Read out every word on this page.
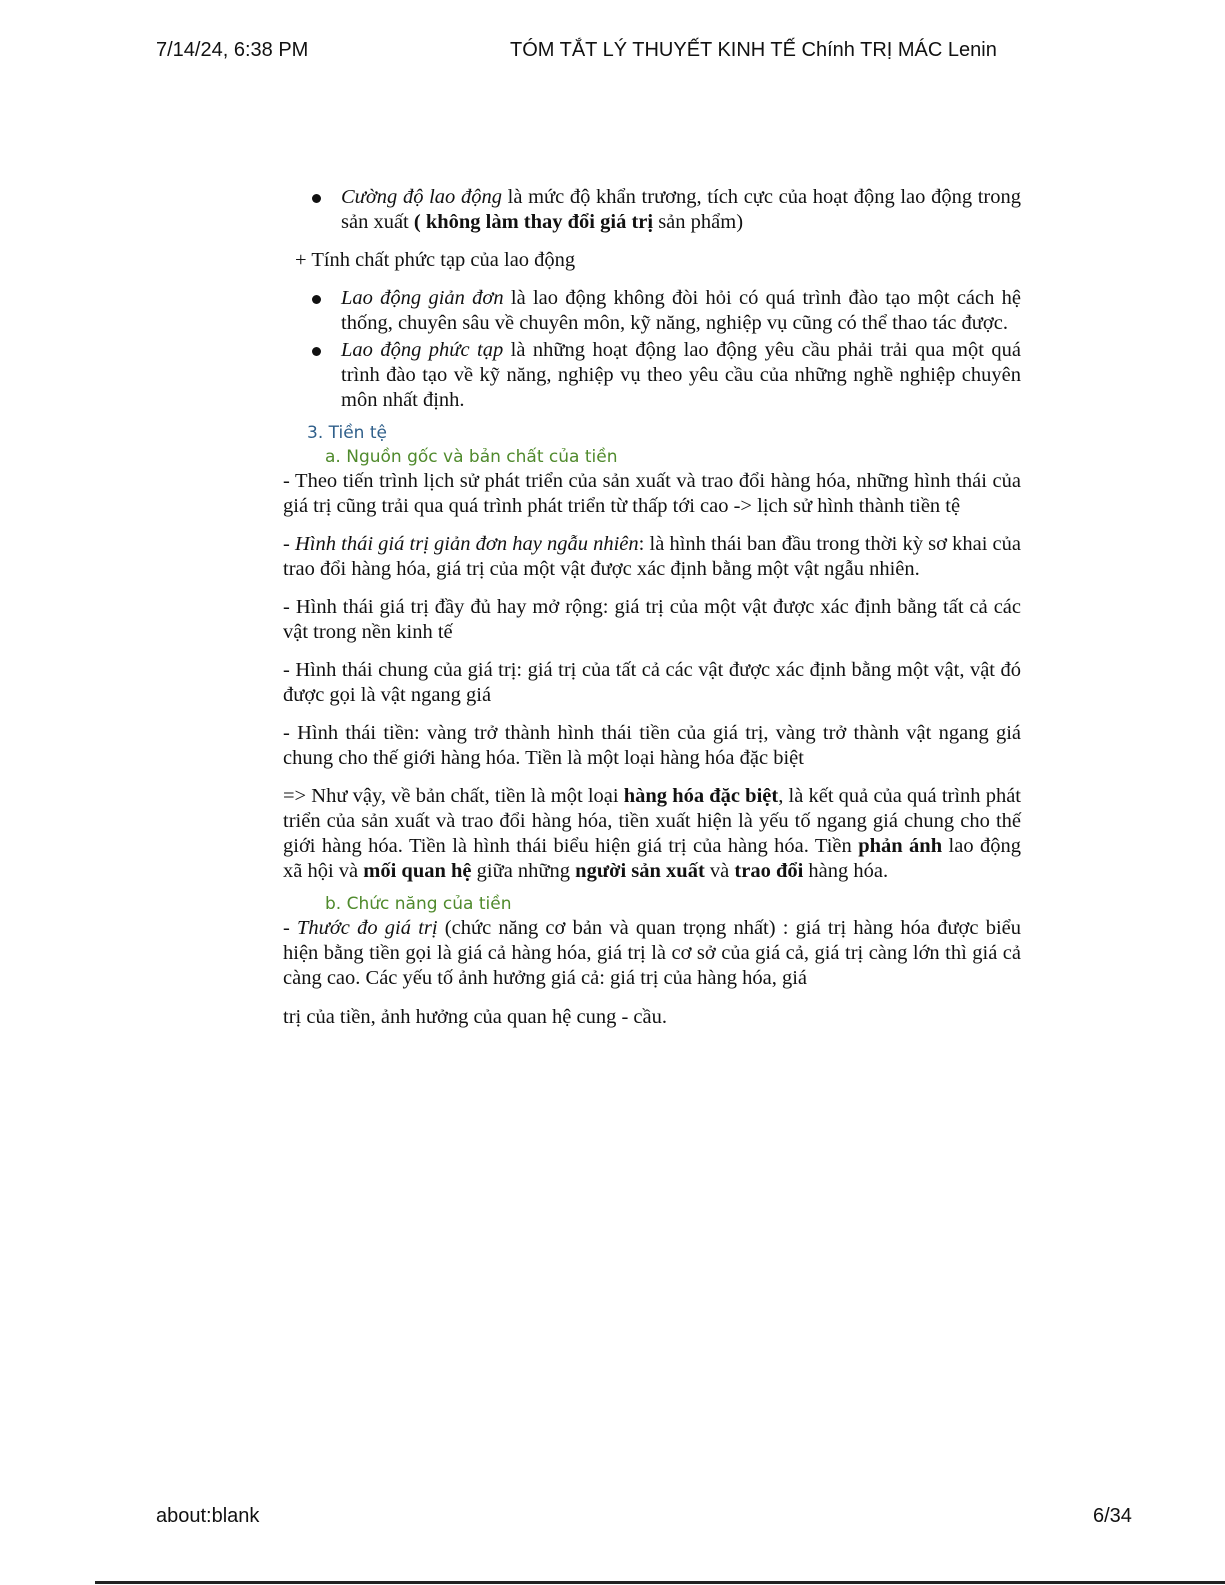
7/14/24, 6:38 PM	TÓM TẮT LÝ THUYẾT KINH TẾ Chính TRỊ MÁC Lenin

Cường độ lao động là mức độ khẩn trương, tích cực của hoạt động lao động trong sản xuất ( không làm thay đổi giá trị sản phẩm)

+ Tính chất phức tạp của lao động

Lao động giản đơn là lao động không đòi hỏi có quá trình đào tạo một cách hệ thống, chuyên sâu về chuyên môn, kỹ năng, nghiệp vụ cũng có thể thao tác được.

Lao động phức tạp là những hoạt động lao động yêu cầu phải trải qua một quá trình đào tạo về kỹ năng, nghiệp vụ theo yêu cầu của những nghề nghiệp chuyên môn nhất định.

3. Tiền tệ
a. Nguồn gốc và bản chất của tiền

- Theo tiến trình lịch sử phát triển của sản xuất và trao đổi hàng hóa, những hình thái của giá trị cũng trải qua quá trình phát triển từ thấp tới cao -> lịch sử hình thành tiền tệ

- Hình thái giá trị giản đơn hay ngẫu nhiên: là hình thái ban đầu trong thời kỳ sơ khai của trao đổi hàng hóa, giá trị của một vật được xác định bằng một vật ngẫu nhiên.

- Hình thái giá trị đầy đủ hay mở rộng: giá trị của một vật được xác định bằng tất cả các vật trong nền kinh tế

- Hình thái chung của giá trị: giá trị của tất cả các vật được xác định bằng một vật, vật đó được gọi là vật ngang giá

- Hình thái tiền: vàng trở thành hình thái tiền của giá trị, vàng trở thành vật ngang giá chung cho thế giới hàng hóa. Tiền là một loại hàng hóa đặc biệt

=> Như vậy, về bản chất, tiền là một loại hàng hóa đặc biệt, là kết quả của quá trình phát triển của sản xuất và trao đổi hàng hóa, tiền xuất hiện là yếu tố ngang giá chung cho thế giới hàng hóa. Tiền là hình thái biểu hiện giá trị của hàng hóa. Tiền phản ánh lao động xã hội và mối quan hệ giữa những người sản xuất và trao đổi hàng hóa.

b. Chức năng của tiền

- Thước đo giá trị (chức năng cơ bản và quan trọng nhất) : giá trị hàng hóa được biểu hiện bằng tiền gọi là giá cả hàng hóa, giá trị là cơ sở của giá cả, giá trị càng lớn thì giá cả càng cao. Các yếu tố ảnh hưởng giá cả: giá trị của hàng hóa, giá

trị của tiền, ảnh hưởng của quan hệ cung - cầu.

about:blank	6/34
